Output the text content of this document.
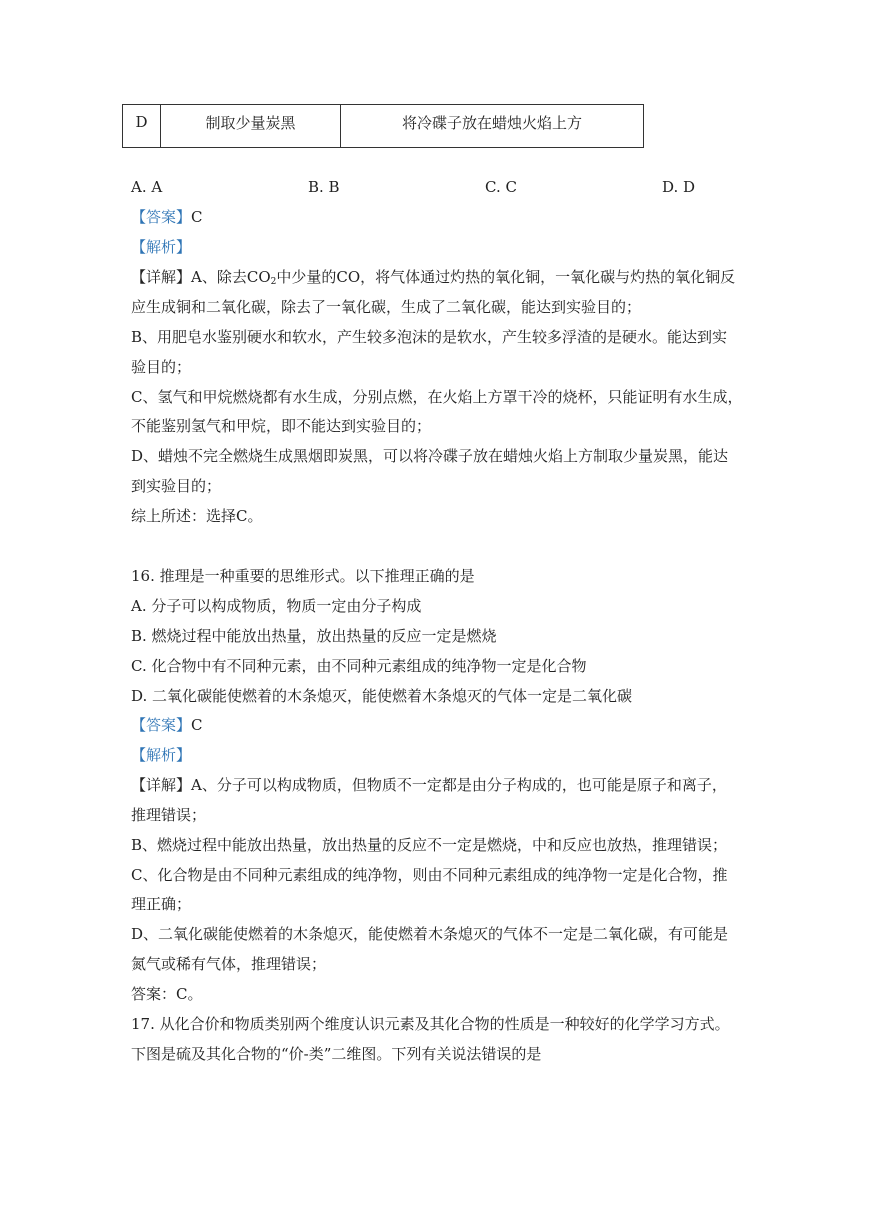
D	制取少量炭黑	将冷碟子放在蜡烛火焰上方
A. A	B. B	C. C	D. D
【答案】C
【解析】
【详解】A、除去$CO_2$中少量的CO，将气体通过灼热的氧化铜，一氧化碳与灼热的氧化铜反
应生成铜和二氧化碳，除去了一氧化碳，生成了二氧化碳，能达到实验目的；
B、用肥皂水鉴别硬水和软水，产生较多泡沫的是软水，产生较多浮渣的是硬水。能达到实
验目的；
C、氢气和甲烷燃烧都有水生成，分别点燃，在火焰上方罩干冷的烧杯，只能证明有水生成，
不能鉴别氢气和甲烷，即不能达到实验目的；
D、蜡烛不完全燃烧生成黑烟即炭黑，可以将冷碟子放在蜡烛火焰上方制取少量炭黑，能达
到实验目的；
综上所述：选择C。
16. 推理是一种重要的思维形式。以下推理正确的是
A. 分子可以构成物质，物质一定由分子构成
B. 燃烧过程中能放出热量，放出热量的反应一定是燃烧
C. 化合物中有不同种元素，由不同种元素组成的纯净物一定是化合物
D. 二氧化碳能使燃着的木条熄灭，能使燃着木条熄灭的气体一定是二氧化碳
【答案】C
【解析】
【详解】A、分子可以构成物质，但物质不一定都是由分子构成的，也可能是原子和离子，
推理错误；
B、燃烧过程中能放出热量，放出热量的反应不一定是燃烧，中和反应也放热，推理错误；
C、化合物是由不同种元素组成的纯净物，则由不同种元素组成的纯净物一定是化合物，推
理正确；
D、二氧化碳能使燃着的木条熄灭，能使燃着木条熄灭的气体不一定是二氧化碳，有可能是
氮气或稀有气体，推理错误；
答案：C。
17. 从化合价和物质类别两个维度认识元素及其化合物的性质是一种较好的化学学习方式。
下图是硫及其化合物的“价-类”二维图。下列有关说法错误的是
